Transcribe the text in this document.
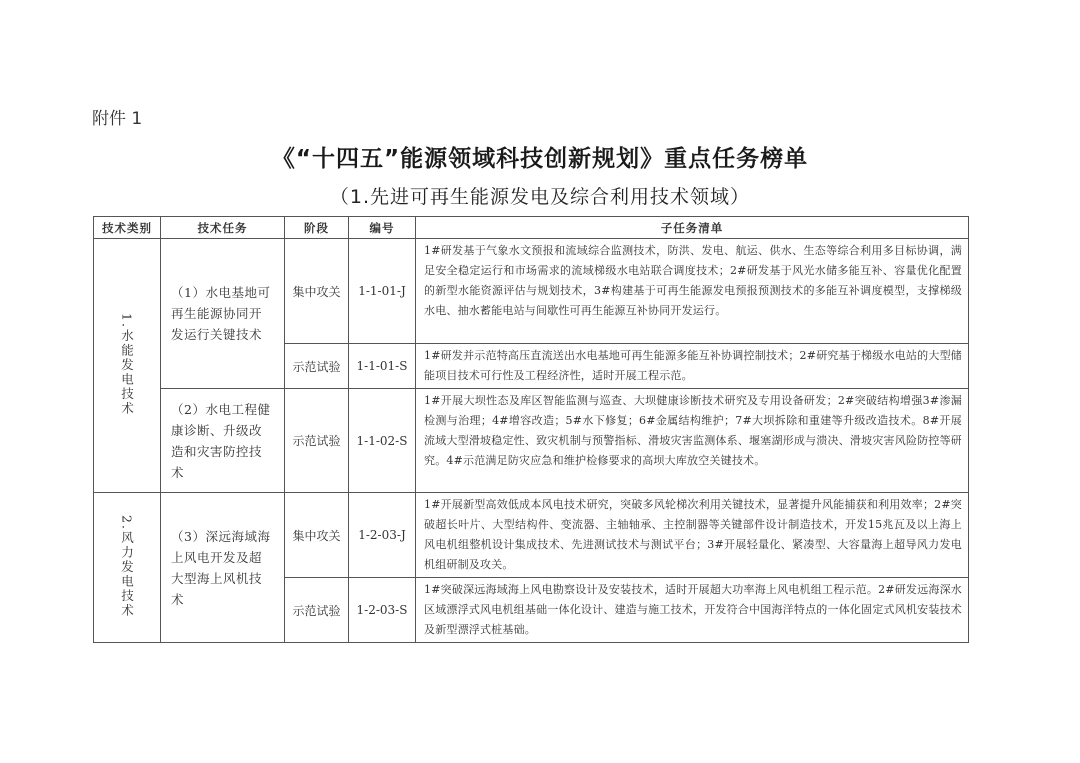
附件 1
《“十四五”能源领域科技创新规划》重点任务榜单
（1.先进可再生能源发电及综合利用技术领域）
技术类别	技术任务	阶段	编号	子任务清单
1.水能发电技术	（1）水电基地可再生能源协同开发运行关键技术	集中攻关	1-1-01-J	1#研发基于气象水文预报和流域综合监测技术，防洪、发电、航运、供水、生态等综合利用多目标协调，满足安全稳定运行和市场需求的流域梯级水电站联合调度技术；2#研发基于风光水储多能互补、容量优化配置的新型水能资源评估与规划技术，3#构建基于可再生能源发电预报预测技术的多能互补调度模型，支撑梯级水电、抽水蓄能电站与间歇性可再生能源互补协同开发运行。
		示范试验	1-1-01-S	1#研发并示范特高压直流送出水电基地可再生能源多能互补协调控制技术；2#研究基于梯级水电站的大型储能项目技术可行性及工程经济性，适时开展工程示范。
	（2）水电工程健康诊断、升级改造和灾害防控技术	示范试验	1-1-02-S	1#开展大坝性态及库区智能监测与巡查、大坝健康诊断技术研究及专用设备研发；2#突破结构增强3#渗漏检测与治理；4#增容改造；5#水下修复；6#金属结构维护；7#大坝拆除和重建等升级改造技术。8#开展流域大型滑坡稳定性、致灾机制与预警指标、滑坡灾害监测体系、堰塞湖形成与溃决、滑坡灾害风险防控等研究。4#示范满足防灾应急和维护检修要求的高坝大库放空关键技术。
2.风力发电技术	（3）深远海域海上风电开发及超大型海上风机技术	集中攻关	1-2-03-J	1#开展新型高效低成本风电技术研究，突破多风轮梯次利用关键技术，显著提升风能捕获和利用效率；2#突破超长叶片、大型结构件、变流器、主轴轴承、主控制器等关键部件设计制造技术，开发15兆瓦及以上海上风电机组整机设计集成技术、先进测试技术与测试平台；3#开展轻量化、紧凑型、大容量海上超导风力发电机组研制及攻关。
		示范试验	1-2-03-S	1#突破深远海域海上风电勘察设计及安装技术，适时开展超大功率海上风电机组工程示范。2#研发远海深水区域漂浮式风电机组基础一体化设计、建造与施工技术，开发符合中国海洋特点的一体化固定式风机安装技术及新型漂浮式桩基础。
